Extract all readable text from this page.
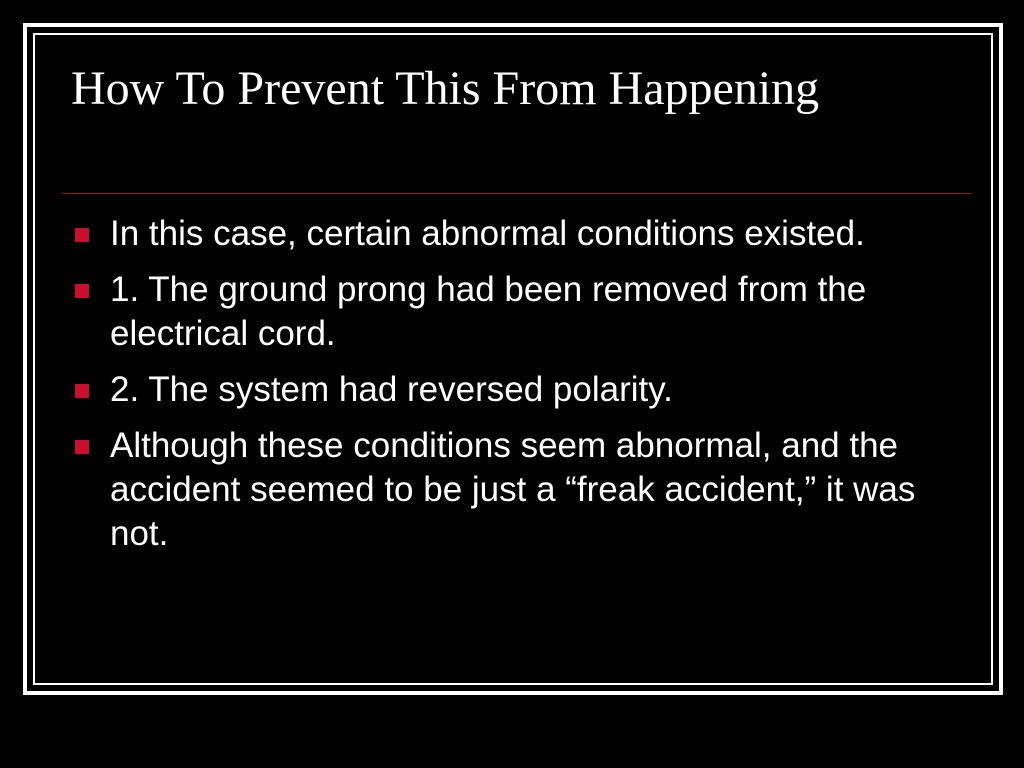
How To Prevent This From Happening
In this case, certain abnormal conditions existed.
1. The ground prong had been removed from the electrical cord.
2. The system had reversed polarity.
Although these conditions seem abnormal, and the accident seemed to be just a “freak accident,” it was not.
